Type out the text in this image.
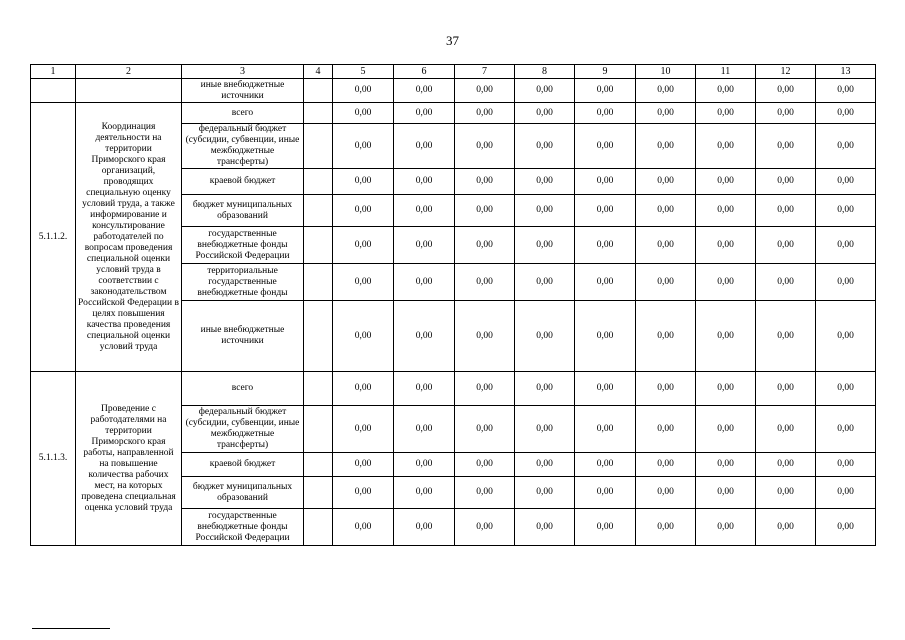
37
1	2	3	4	5	6	7	8	9	10	11	12	13
		иные внебюджетные источники		0,00	0,00	0,00	0,00	0,00	0,00	0,00	0,00	0,00
5.1.1.2.	Координация деятельности на территории Приморского края организаций, проводящих специальную оценку условий труда, а также информирование и консультирование работодателей по вопросам проведения специальной оценки условий труда в соответствии с законодательством Российской Федерации в целях повышения качества проведения специальной оценки условий труда	всего		0,00	0,00	0,00	0,00	0,00	0,00	0,00	0,00	0,00
		федеральный бюджет (субсидии, субвенции, иные межбюджетные трансферты)		0,00	0,00	0,00	0,00	0,00	0,00	0,00	0,00	0,00
		краевой бюджет		0,00	0,00	0,00	0,00	0,00	0,00	0,00	0,00	0,00
		бюджет муниципальных образований		0,00	0,00	0,00	0,00	0,00	0,00	0,00	0,00	0,00
		государственные внебюджетные фонды Российской Федерации		0,00	0,00	0,00	0,00	0,00	0,00	0,00	0,00	0,00
		территориальные государственные внебюджетные фонды		0,00	0,00	0,00	0,00	0,00	0,00	0,00	0,00	0,00
		иные внебюджетные источники		0,00	0,00	0,00	0,00	0,00	0,00	0,00	0,00	0,00
5.1.1.3.	Проведение с работодателями на территории Приморского края работы, направленной на повышение количества рабочих мест, на которых проведена специальная оценка условий труда	всего		0,00	0,00	0,00	0,00	0,00	0,00	0,00	0,00	0,00
		федеральный бюджет (субсидии, субвенции, иные межбюджетные трансферты)		0,00	0,00	0,00	0,00	0,00	0,00	0,00	0,00	0,00
		краевой бюджет		0,00	0,00	0,00	0,00	0,00	0,00	0,00	0,00	0,00
		бюджет муниципальных образований		0,00	0,00	0,00	0,00	0,00	0,00	0,00	0,00	0,00
		государственные внебюджетные фонды Российской Федерации		0,00	0,00	0,00	0,00	0,00	0,00	0,00	0,00	0,00
